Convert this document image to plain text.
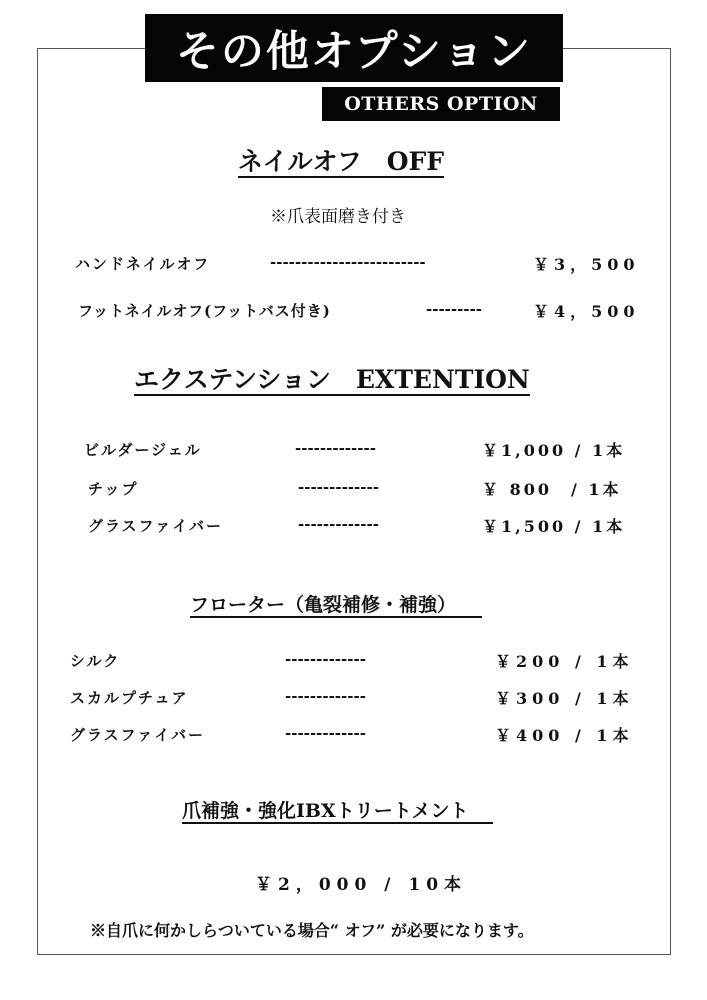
その他オプション
OTHERS OPTION
ネイルオフ　OFF
※爪表面磨き付き
ハンドネイルオフ	-------------------------	￥3，500
フットネイルオフ(フットバス付き)	---------	￥4，500
エクステンション　EXTENTION
ビルダージェル	-------------	￥1,000 / 1本
チップ	-------------	￥ 800　/ 1本
グラスファイバー	-------------	￥1,500 / 1本
フローター（亀裂補修・補強）
シルク	-------------	￥200 / 1本
スカルプチュア	-------------	￥300 / 1本
グラスファイバー	-------------	￥400 / 1本
爪補強・強化IBXトリートメント
￥2，000 / 10本
※自爪に何かしらついている場合“ オフ” が必要になります。
